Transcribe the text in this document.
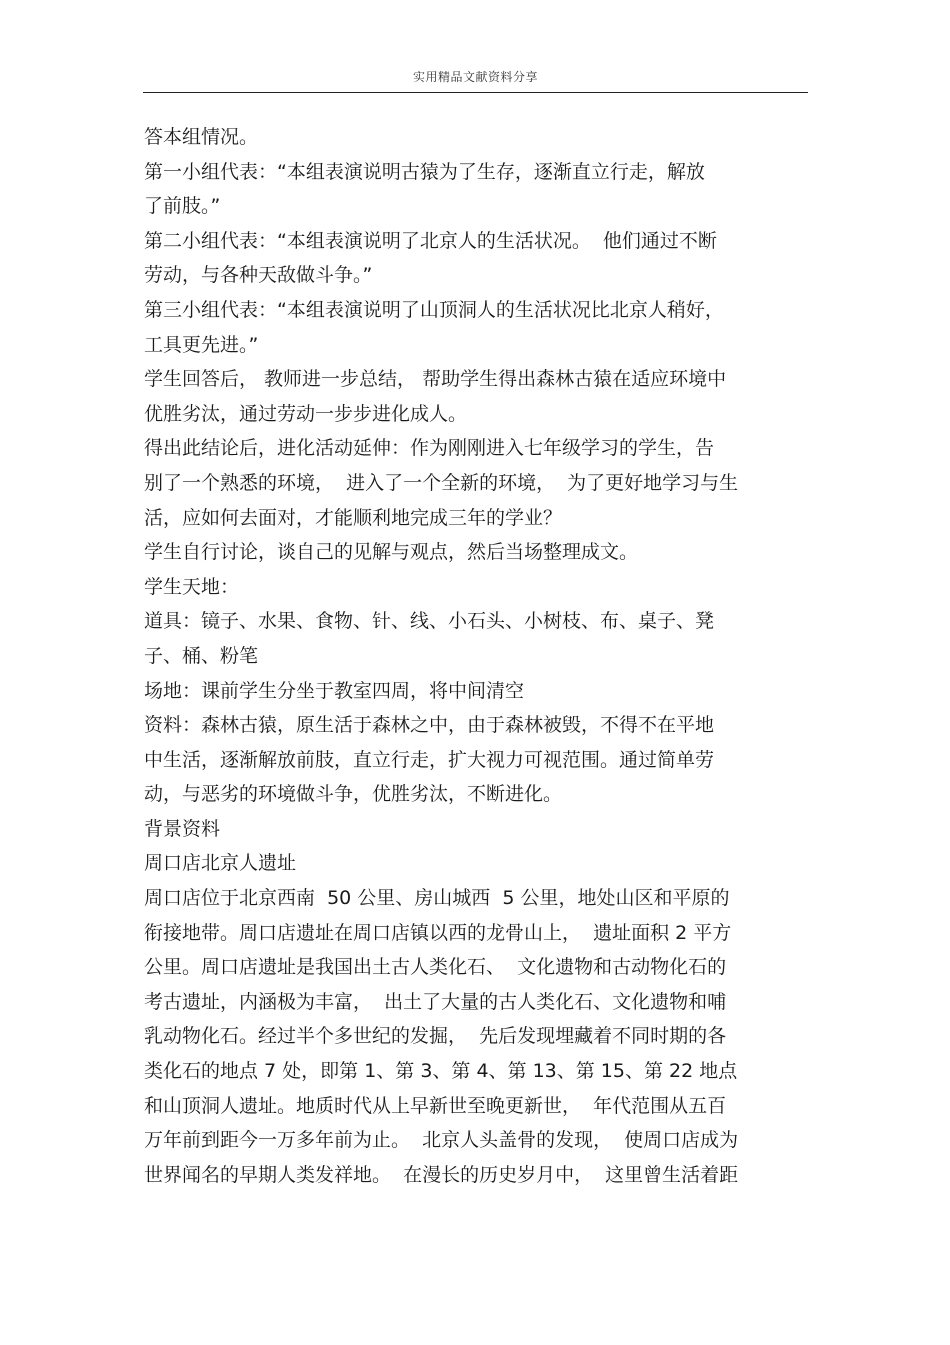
实用精品文献资料分享
答本组情况。
第一小组代表：“本组表演说明古猿为了生存，逐渐直立行走，解放
了前肢。”
第二小组代表：“本组表演说明了北京人的生活状况。  他们通过不断
劳动，与各种天敌做斗争。”
第三小组代表：“本组表演说明了山顶洞人的生活状况比北京人稍好，
工具更先进。”
学生回答后， 教师进一步总结， 帮助学生得出森林古猿在适应环境中
优胜劣汰，通过劳动一步步进化成人。
得出此结论后，进化活动延伸：作为刚刚进入七年级学习的学生，告
别了一个熟悉的环境，  进入了一个全新的环境，  为了更好地学习与生
活，应如何去面对，才能顺利地完成三年的学业？
学生自行讨论，谈自己的见解与观点，然后当场整理成文。
学生天地：
道具：镜子、水果、食物、针、线、小石头、小树枝、布、桌子、凳
子、桶、粉笔
场地：课前学生分坐于教室四周，将中间清空
资料：森林古猿，原生活于森林之中，由于森林被毁，不得不在平地
中生活，逐渐解放前肢，直立行走，扩大视力可视范围。通过简单劳
动，与恶劣的环境做斗争，优胜劣汰，不断进化。
背景资料
周口店北京人遗址
周口店位于北京西南  50 公里、房山城西  5 公里，地处山区和平原的
衔接地带。周口店遗址在周口店镇以西的龙骨山上，  遗址面积 2 平方
公里。周口店遗址是我国出土古人类化石、  文化遗物和古动物化石的
考古遗址，内涵极为丰富，  出土了大量的古人类化石、文化遗物和哺
乳动物化石。经过半个多世纪的发掘，  先后发现埋藏着不同时期的各
类化石的地点 7 处，即第 1、第 3、第 4、第 13、第 15、第 22 地点
和山顶洞人遗址。地质时代从上早新世至晚更新世，  年代范围从五百
万年前到距今一万多年前为止。  北京人头盖骨的发现，  使周口店成为
世界闻名的早期人类发祥地。  在漫长的历史岁月中，  这里曾生活着距
